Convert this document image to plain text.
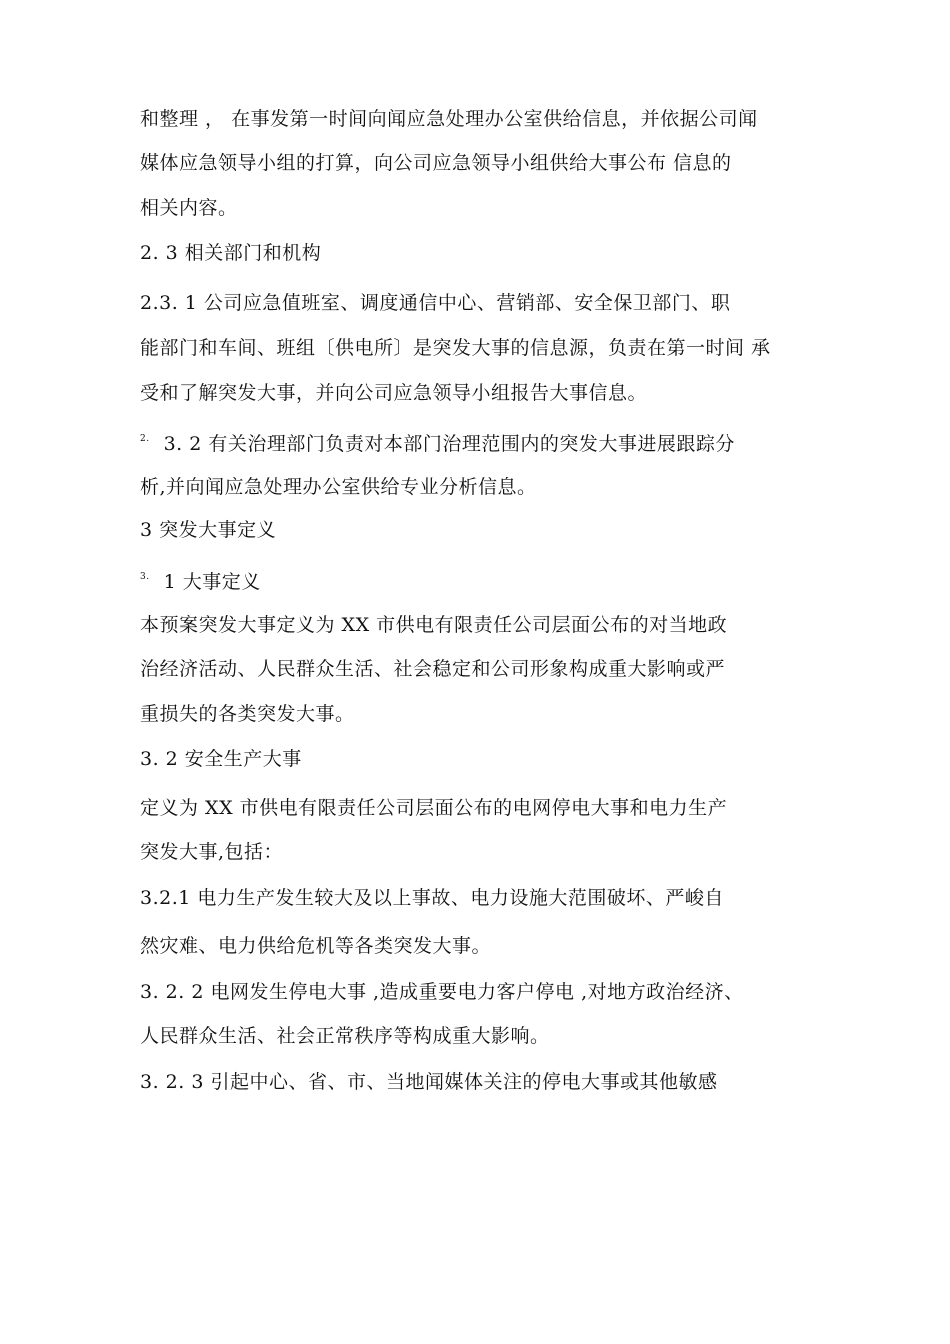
和整理 ， 在事发第一时间向闻应急处理办公室供给信息，并依据公司闻
媒体应急领导小组的打算，向公司应急领导小组供给大事公布 信息的
相关内容。
2. 3 相关部门和机构
2.3. 1 公司应急值班室、调度通信中心、营销部、安全保卫部门、职
能部门和车间、班组〔供电所〕是突发大事的信息源，负责在第一时间 承
受和了解突发大事，并向公司应急领导小组报告大事信息。
$^{2.}$ 3. 2 有关治理部门负责对本部门治理范围内的突发大事进展跟踪分
析,并向闻应急处理办公室供给专业分析信息。
3 突发大事定义
$^{3.}$ 1 大事定义
本预案突发大事定义为 XX 市供电有限责任公司层面公布的对当地政
治经济活动、人民群众生活、社会稳定和公司形象构成重大影响或严
重损失的各类突发大事。
3. 2 安全生产大事
定义为 XX 市供电有限责任公司层面公布的电网停电大事和电力生产
突发大事,包括：
3.2.1 电力生产发生较大及以上事故、电力设施大范围破坏、严峻自
然灾难、电力供给危机等各类突发大事。
3. 2. 2 电网发生停电大事 ,造成重要电力客户停电 ,对地方政治经济、
人民群众生活、社会正常秩序等构成重大影响。
3. 2. 3 引起中心、省、市、当地闻媒体关注的停电大事或其他敏感
